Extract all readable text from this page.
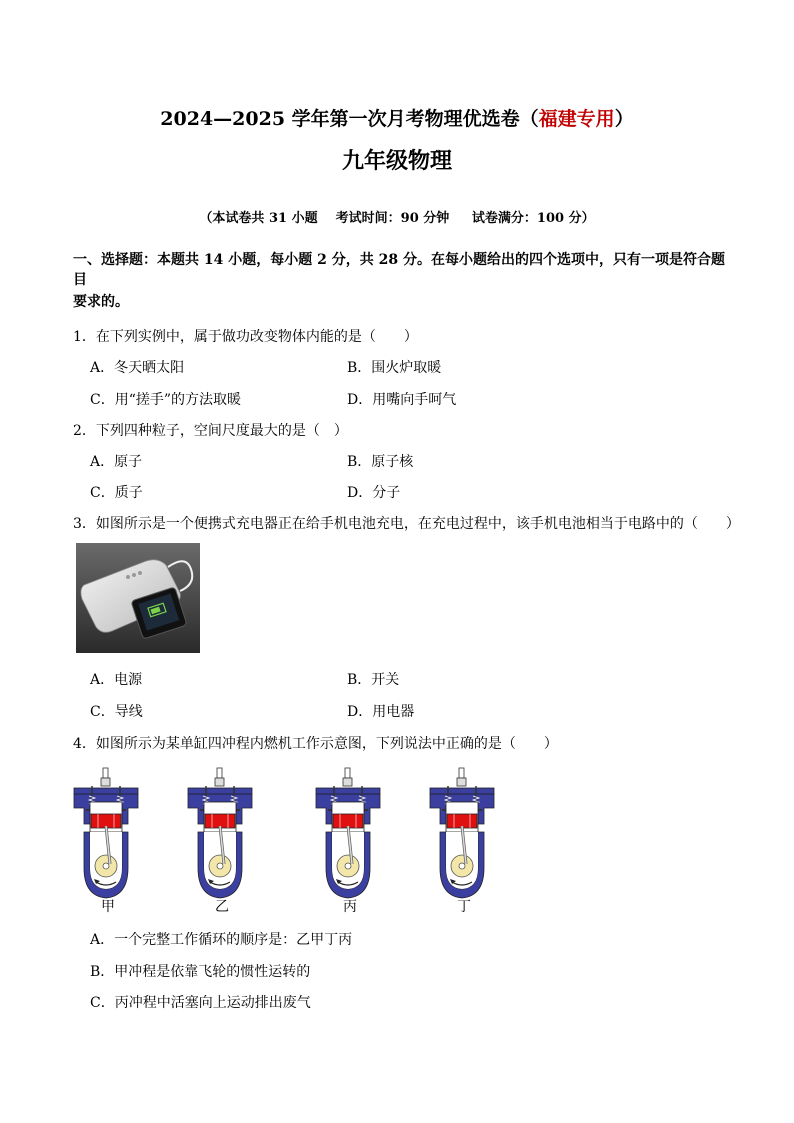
2024—2025 学年第一次月考物理优选卷（福建专用）
九年级物理
（本试卷共 31 小题    考试时间：90 分钟     试卷满分：100 分）
一、选择题：本题共 14 小题，每小题 2 分，共 28 分。在每小题给出的四个选项中，只有一项是符合题目
要求的。
1．在下列实例中，属于做功改变物体内能的是（　　）
A．冬天晒太阳	B．围火炉取暖
C．用“搓手”的方法取暖	D．用嘴向手呵气
2．下列四种粒子，空间尺度最大的是（　）
A．原子	B．原子核
C．质子	D．分子
3．如图所示是一个便携式充电器正在给手机电池充电，在充电过程中，该手机电池相当于电路中的（　　）
A．电源	B．开关
C．导线	D．用电器
4．如图所示为某单缸四冲程内燃机工作示意图，下列说法中正确的是（　　）
甲	乙	丙	丁
A．一个完整工作循环的顺序是：乙甲丁丙
B．甲冲程是依靠飞轮的惯性运转的
C．丙冲程中活塞向上运动排出废气
